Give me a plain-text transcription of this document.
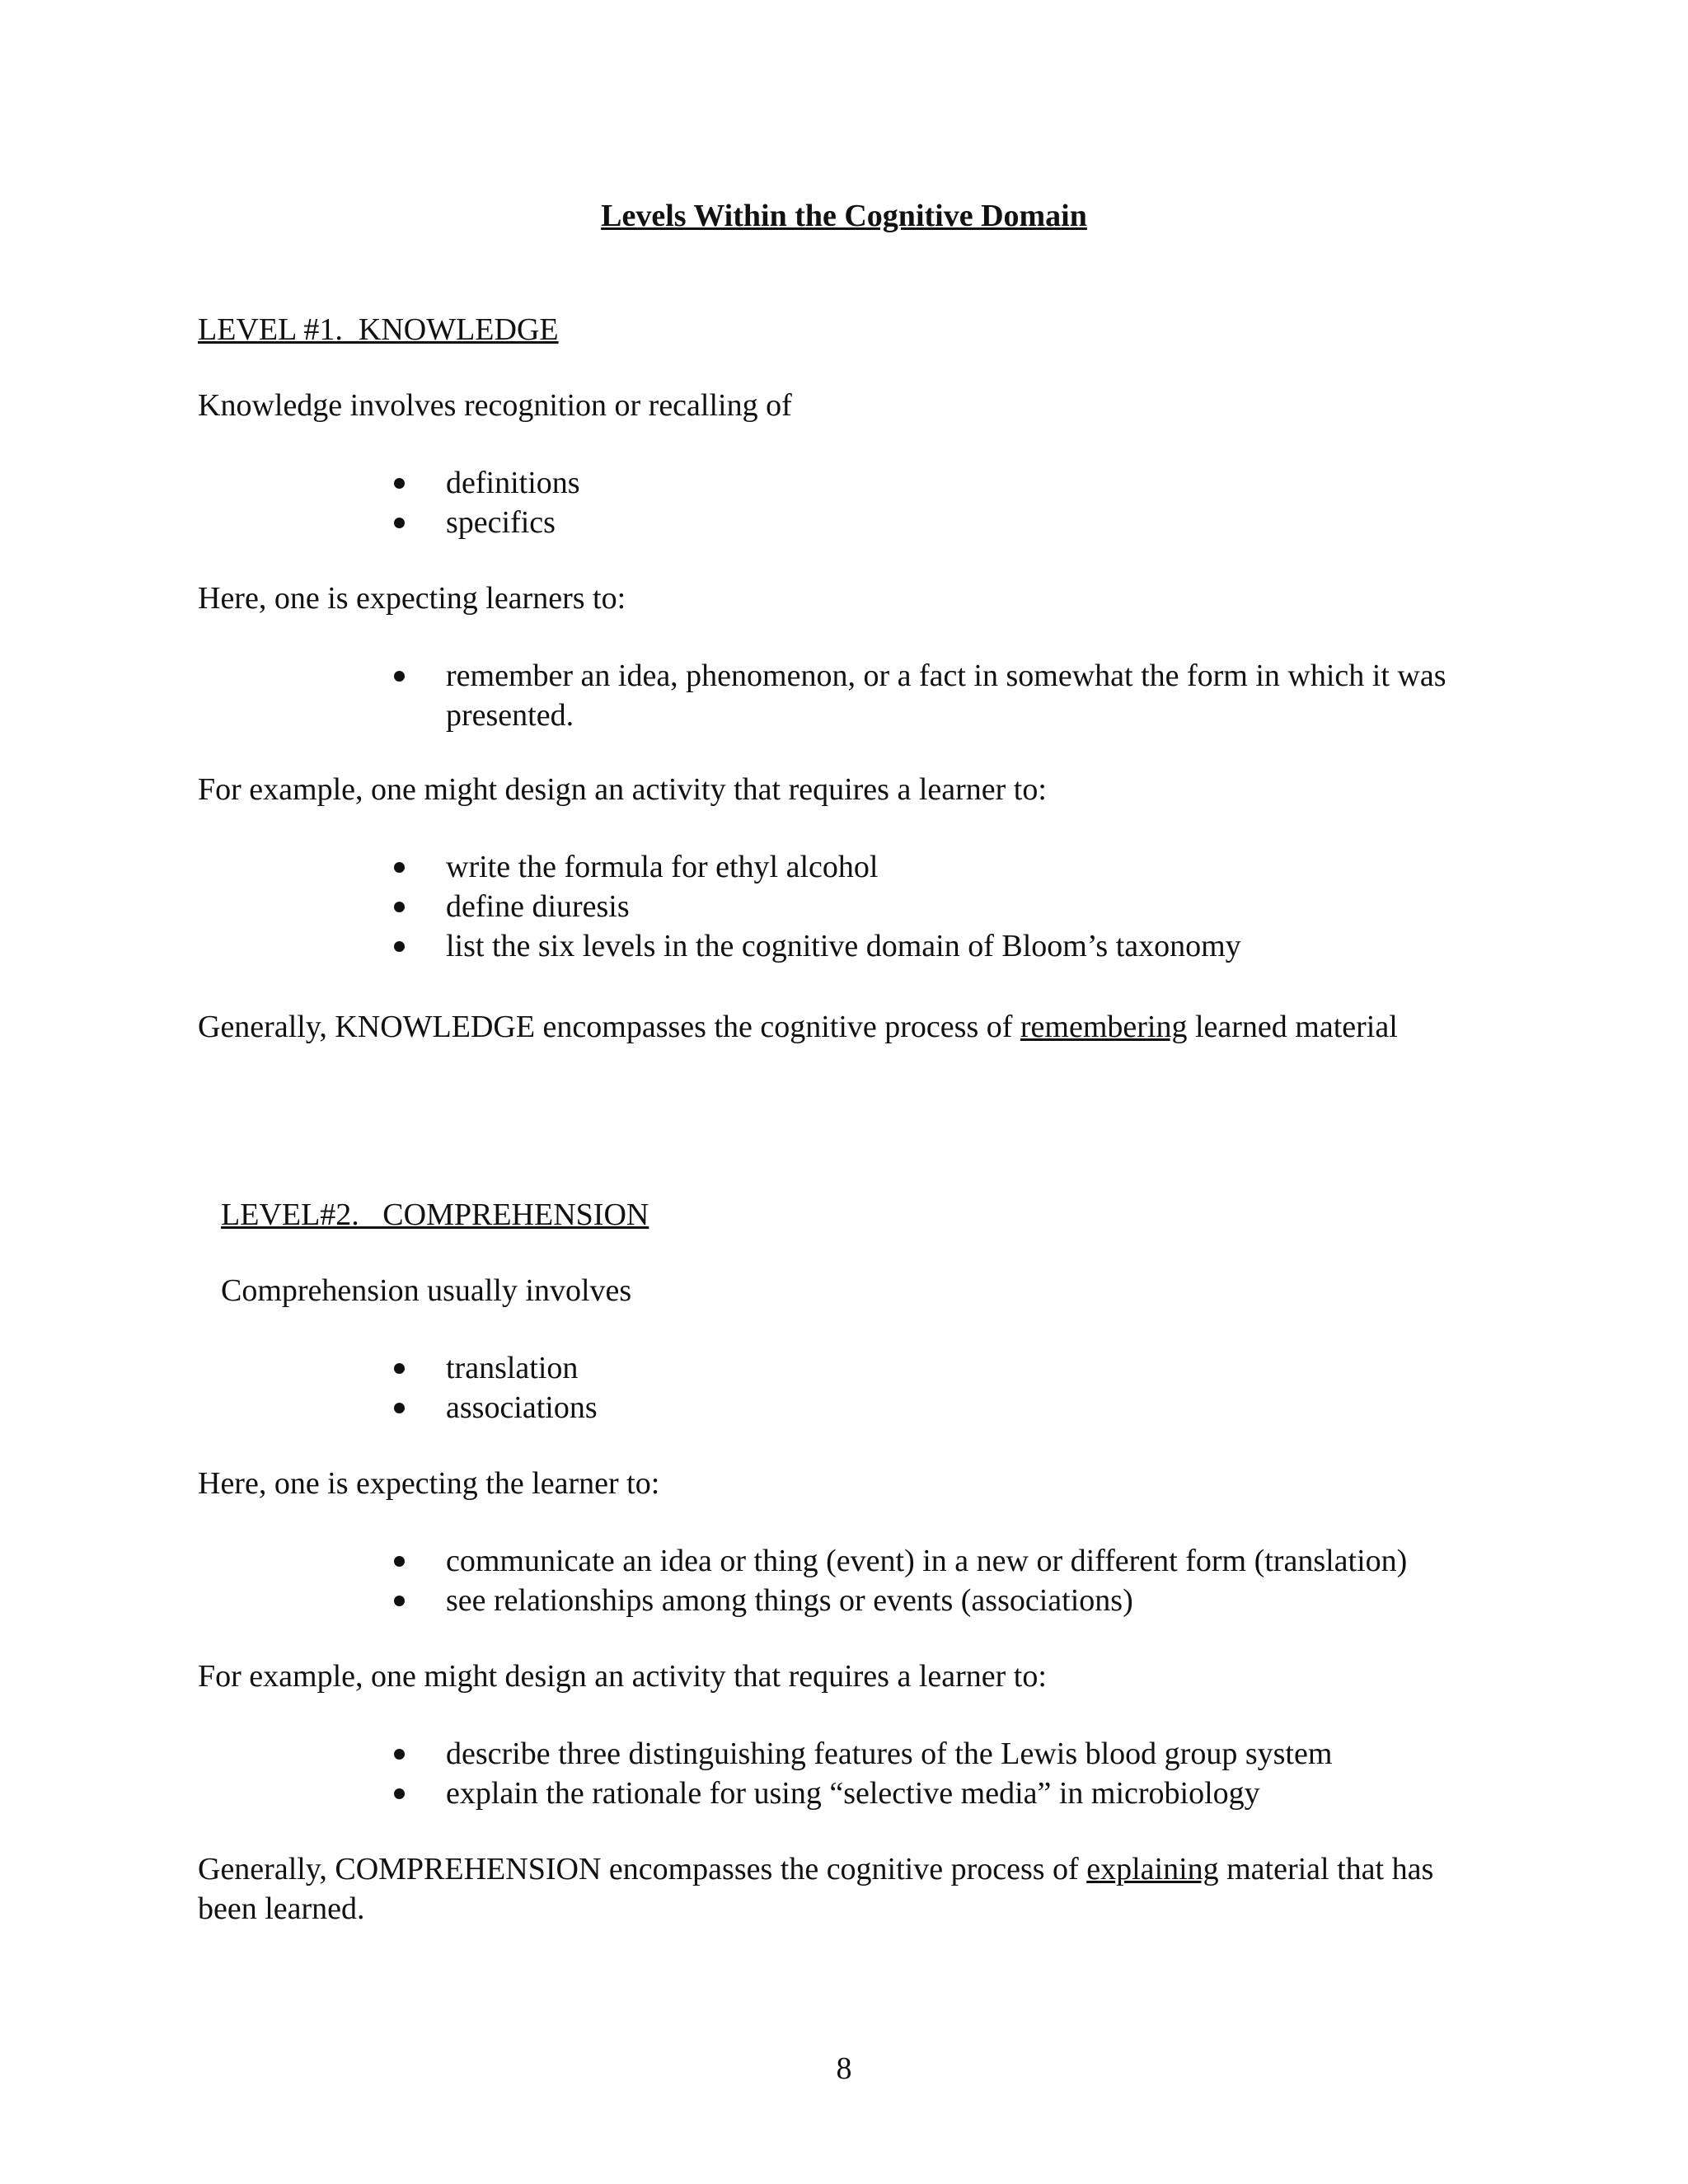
Levels Within the Cognitive Domain
LEVEL #1.  KNOWLEDGE
Knowledge involves recognition or recalling of
definitions
specifics
Here, one is expecting learners to:
remember an idea, phenomenon, or a fact in somewhat the form in which it was presented.
For example, one might design an activity that requires a learner to:
write the formula for ethyl alcohol
define diuresis
list the six levels in the cognitive domain of Bloom’s taxonomy
Generally, KNOWLEDGE encompasses the cognitive process of remembering learned material
LEVEL#2.   COMPREHENSION
Comprehension usually involves
translation
associations
Here, one is expecting the learner to:
communicate an idea or thing (event) in a new or different form (translation)
see relationships among things or events (associations)
For example, one might design an activity that requires a learner to:
describe three distinguishing features of the Lewis blood group system
explain the rationale for using “selective media” in microbiology
Generally, COMPREHENSION encompasses the cognitive process of explaining material that has been learned.
8
